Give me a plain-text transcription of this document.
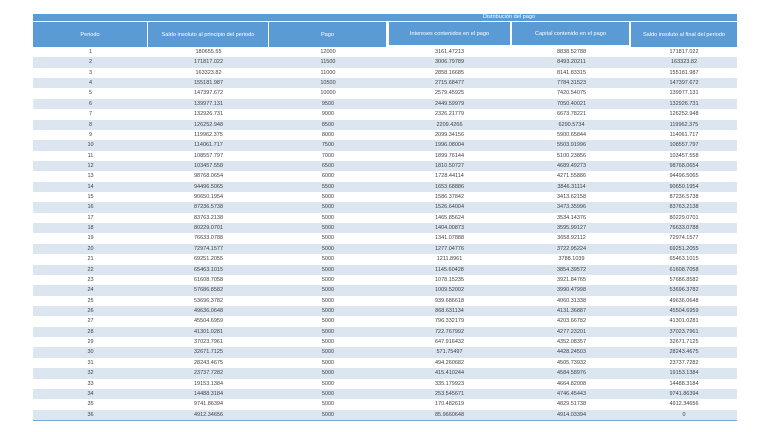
Distribución del pago
Periodo	Saldo insoluto al principio del periodo	Pago	Intereses contenidos en el pago	Capital contenido en el pago	Saldo insoluto al final del periodo
1	180655.55	12000	3161.47213	8838.52788	171817.022
2	171817.022	11500	3006.79789	8493.20211	163323.82
3	163323.82	11000	2858.16685	8141.83315	155181.987
4	155181.987	10500	2715.68477	7784.31523	147397.672
5	147397.672	10000	2579.45925	7420.54075	139977.131
6	139977.131	9500	2449.59979	7050.40021	132926.731
7	132926.731	9000	2326.21779	6673.78221	126252.948
8	126252.948	8500	2209.4266	6290.5734	119962.375
9	119962.375	8000	2099.34156	5900.65844	114061.717
10	114061.717	7500	1996.08004	5503.91996	108557.797
11	108557.797	7000	1899.76144	5100.23856	103457.558
12	103457.558	6500	1810.50727	4689.49273	98768.0654
13	98768.0654	6000	1728.44114	4271.55886	94496.5065
14	94496.5065	5500	1653.68886	3846.31114	90650.1954
15	90650.1954	5000	1586.37842	3413.62158	87236.5738
16	87236.5738	5000	1526.64004	3473.35996	83763.2138
17	83763.2138	5000	1465.85624	3534.14376	80229.0701
18	80229.0701	5000	1404.00873	3595.99127	76633.0788
19	76633.0788	5000	1341.07888	3658.92112	72974.1577
20	72974.1577	5000	1277.04776	3722.95224	69251.2055
21	69251.2055	5000	1211.8961	3788.1039	65463.1015
22	65463.1015	5000	1145.60428	3854.39572	61608.7058
23	61608.7058	5000	1078.15235	3921.84765	57686.8582
24	57686.8582	5000	1009.52002	3990.47998	53696.3782
25	53696.3782	5000	939.686618	4060.31338	49636.0648
26	49636.0648	5000	868.631134	4131.36887	45504.6959
27	45504.6959	5000	796.332179	4203.66782	41301.0281
28	41301.0281	5000	722.767992	4277.23201	37023.7961
29	37023.7961	5000	647.916432	4352.08357	32671.7125
30	32671.7125	5000	571.75497	4428.24503	28243.4675
31	28243.4675	5000	494.260682	4505.73932	23737.7282
32	23737.7282	5000	415.410244	4584.58976	19153.1384
33	19153.1384	5000	335.179923	4664.82008	14488.3184
34	14488.3184	5000	253.545671	4746.45443	9741.86394
35	9741.86394	5000	170.482619	4829.51738	4912.34656
36	4912.34656	5000	85.9660648	4914.03394	0
